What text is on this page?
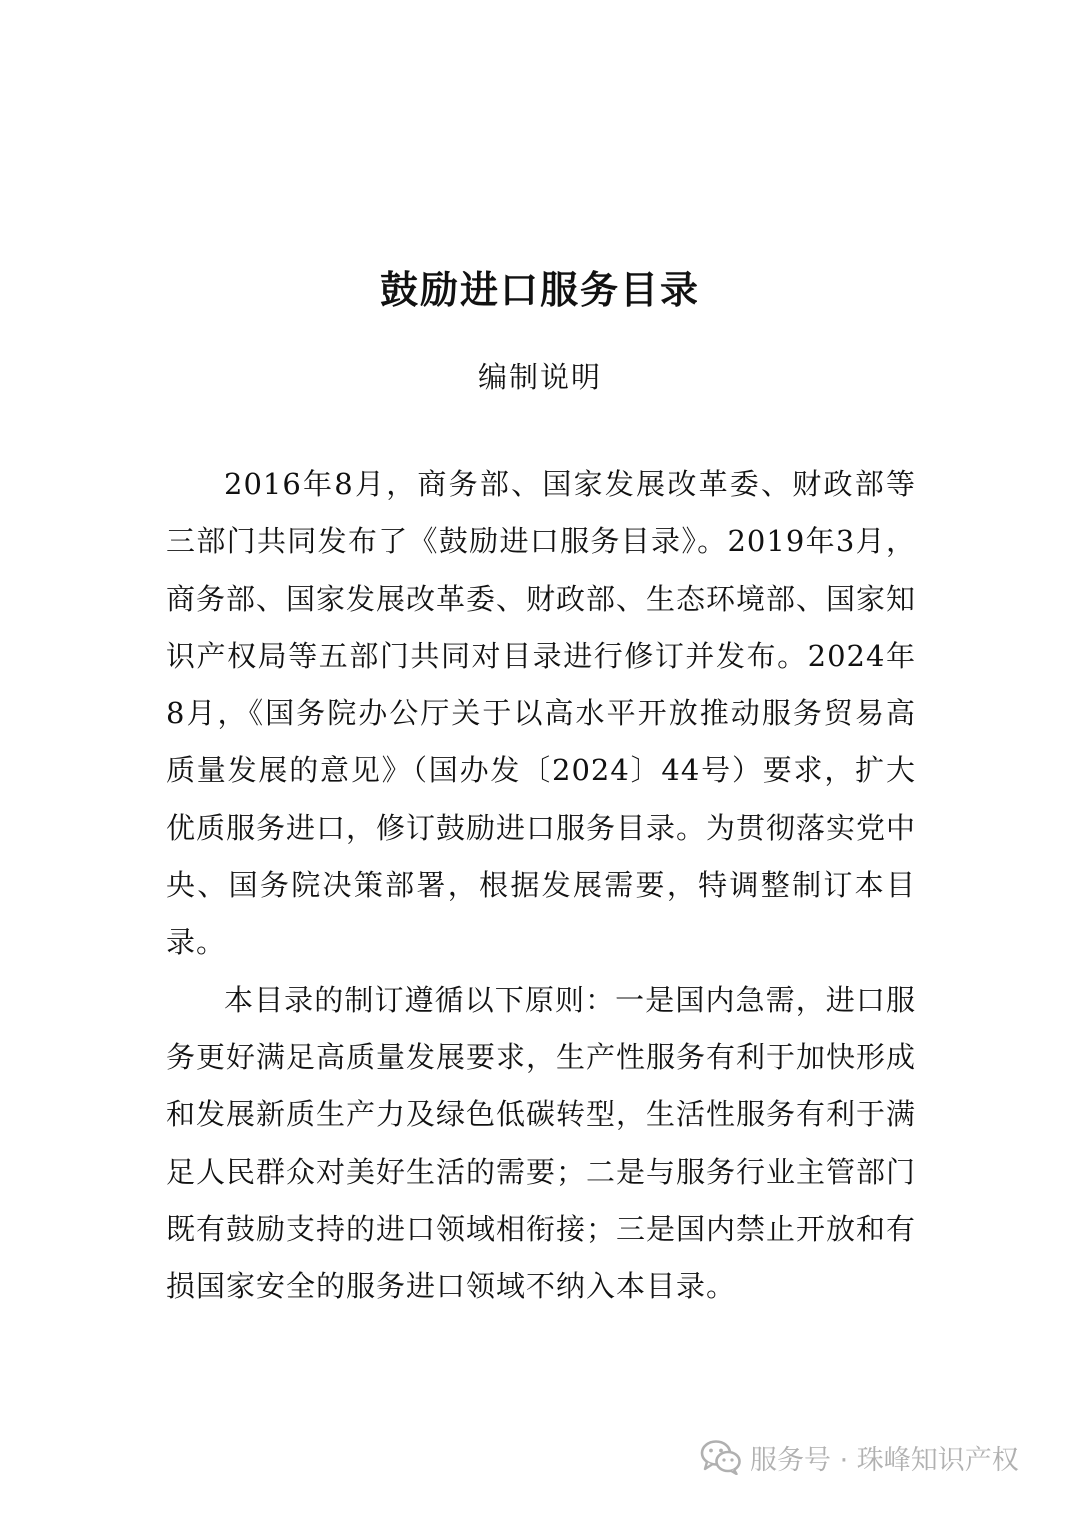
鼓励进口服务目录
编制说明

2016年8月，商务部、国家发展改革委、财政部等三部门共同发布了《鼓励进口服务目录》。2019年3月，商务部、国家发展改革委、财政部、生态环境部、国家知识产权局等五部门共同对目录进行修订并发布。2024年8月，《国务院办公厅关于以高水平开放推动服务贸易高质量发展的意见》（国办发〔2024〕44号）要求，扩大优质服务进口，修订鼓励进口服务目录。为贯彻落实党中央、国务院决策部署，根据发展需要，特调整制订本目录。

本目录的制订遵循以下原则：一是国内急需，进口服务更好满足高质量发展要求，生产性服务有利于加快形成和发展新质生产力及绿色低碳转型，生活性服务有利于满足人民群众对美好生活的需要；二是与服务行业主管部门既有鼓励支持的进口领域相衔接；三是国内禁止开放和有损国家安全的服务进口领域不纳入本目录。

服务号 · 珠峰知识产权
